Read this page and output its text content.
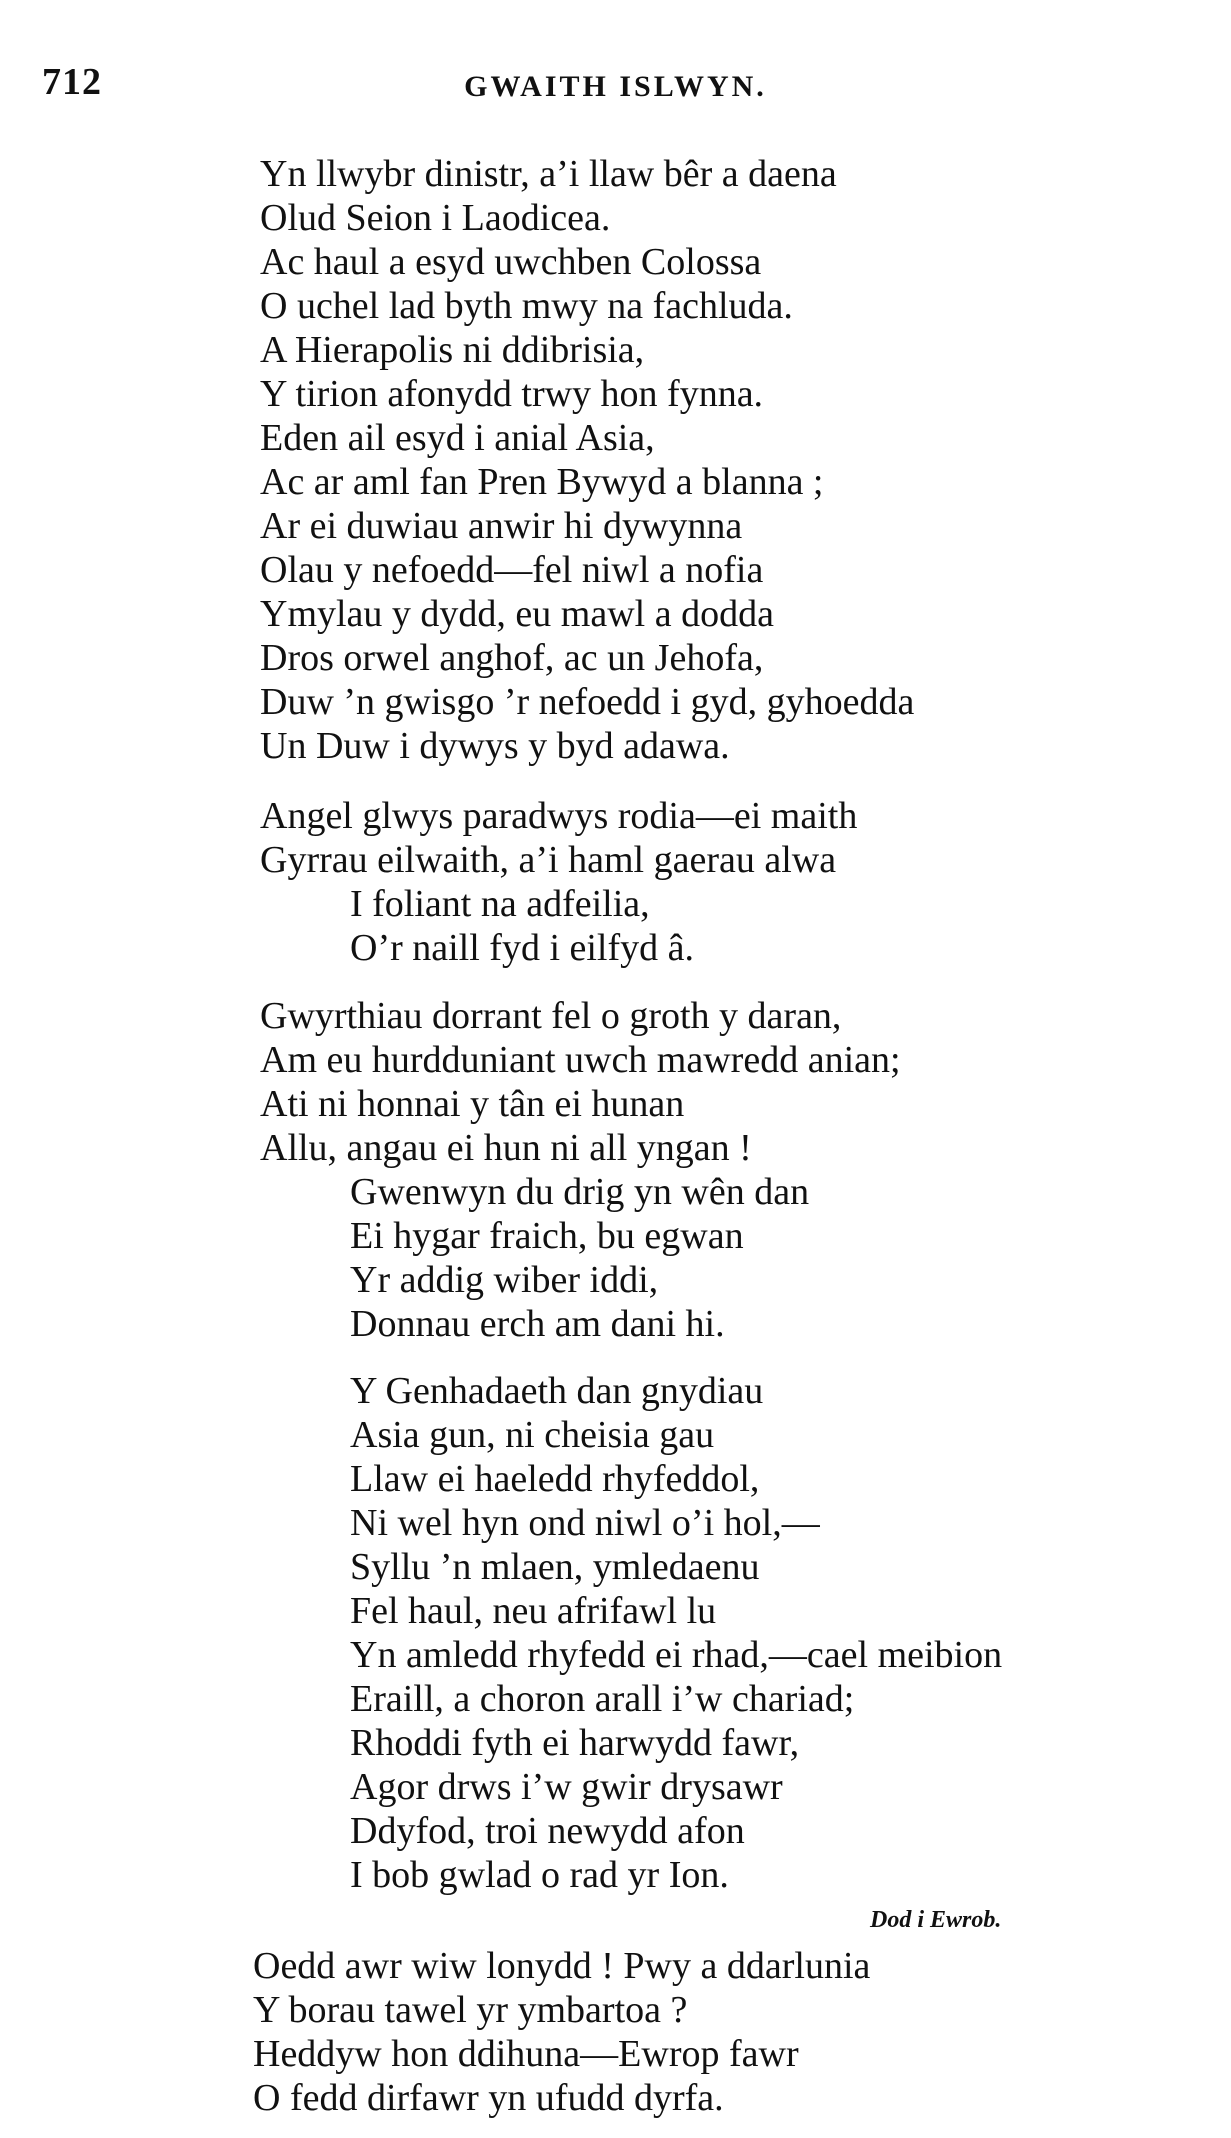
712	GWAITH ISLWYN.
Yn llwybr dinistr, a’i llaw bêr a daena
Olud Seion i Laodicea.
Ac haul a esyd uwchben Colossa
O uchel lad byth mwy na fachluda.
A Hierapolis ni ddibrisia,
Y tirion afonydd trwy hon fynna.
Eden ail esyd i anial Asia,
Ac ar aml fan Pren Bywyd a blanna ;
Ar ei duwiau anwir hi dywynna
Olau y nefoedd—fel niwl a nofia
Ymylau y dydd, eu mawl a dodda
Dros orwel anghof, ac un Jehofa,
Duw ’n gwisgo ’r nefoedd i gyd, gyhoedda
Un Duw i dywys y byd adawa.
Angel glwys paradwys rodia—ei maith
Gyrrau eilwaith, a’i haml gaerau alwa
I foliant na adfeilia,
O’r naill fyd i eilfyd â.
Gwyrthiau dorrant fel o groth y daran,
Am eu hurdduniant uwch mawredd anian;
Ati ni honnai y tân ei hunan
Allu, angau ei hun ni all yngan !
Gwenwyn du drig yn wên dan
Ei hygar fraich, bu egwan
Yr addig wiber iddi,
Donnau erch am dani hi.
Y Genhadaeth dan gnydiau
Asia gun, ni cheisia gau
Llaw ei haeledd rhyfeddol,
Ni wel hyn ond niwl o’i hol,—
Syllu ’n mlaen, ymledaenu
Fel haul, neu afrifawl lu
Yn amledd rhyfedd ei rhad,—cael meibion
Eraill, a choron arall i’w chariad;
Rhoddi fyth ei harwydd fawr,
Agor drws i’w gwir drysawr
Ddyfod, troi newydd afon
I bob gwlad o rad yr Ion.
Dod i Ewrob.
Oedd awr wiw lonydd ! Pwy a ddarlunia
Y borau tawel yr ymbartoa ?
Heddyw hon ddihuna—Ewrop fawr
O fedd dirfawr yn ufudd dyrfa.
